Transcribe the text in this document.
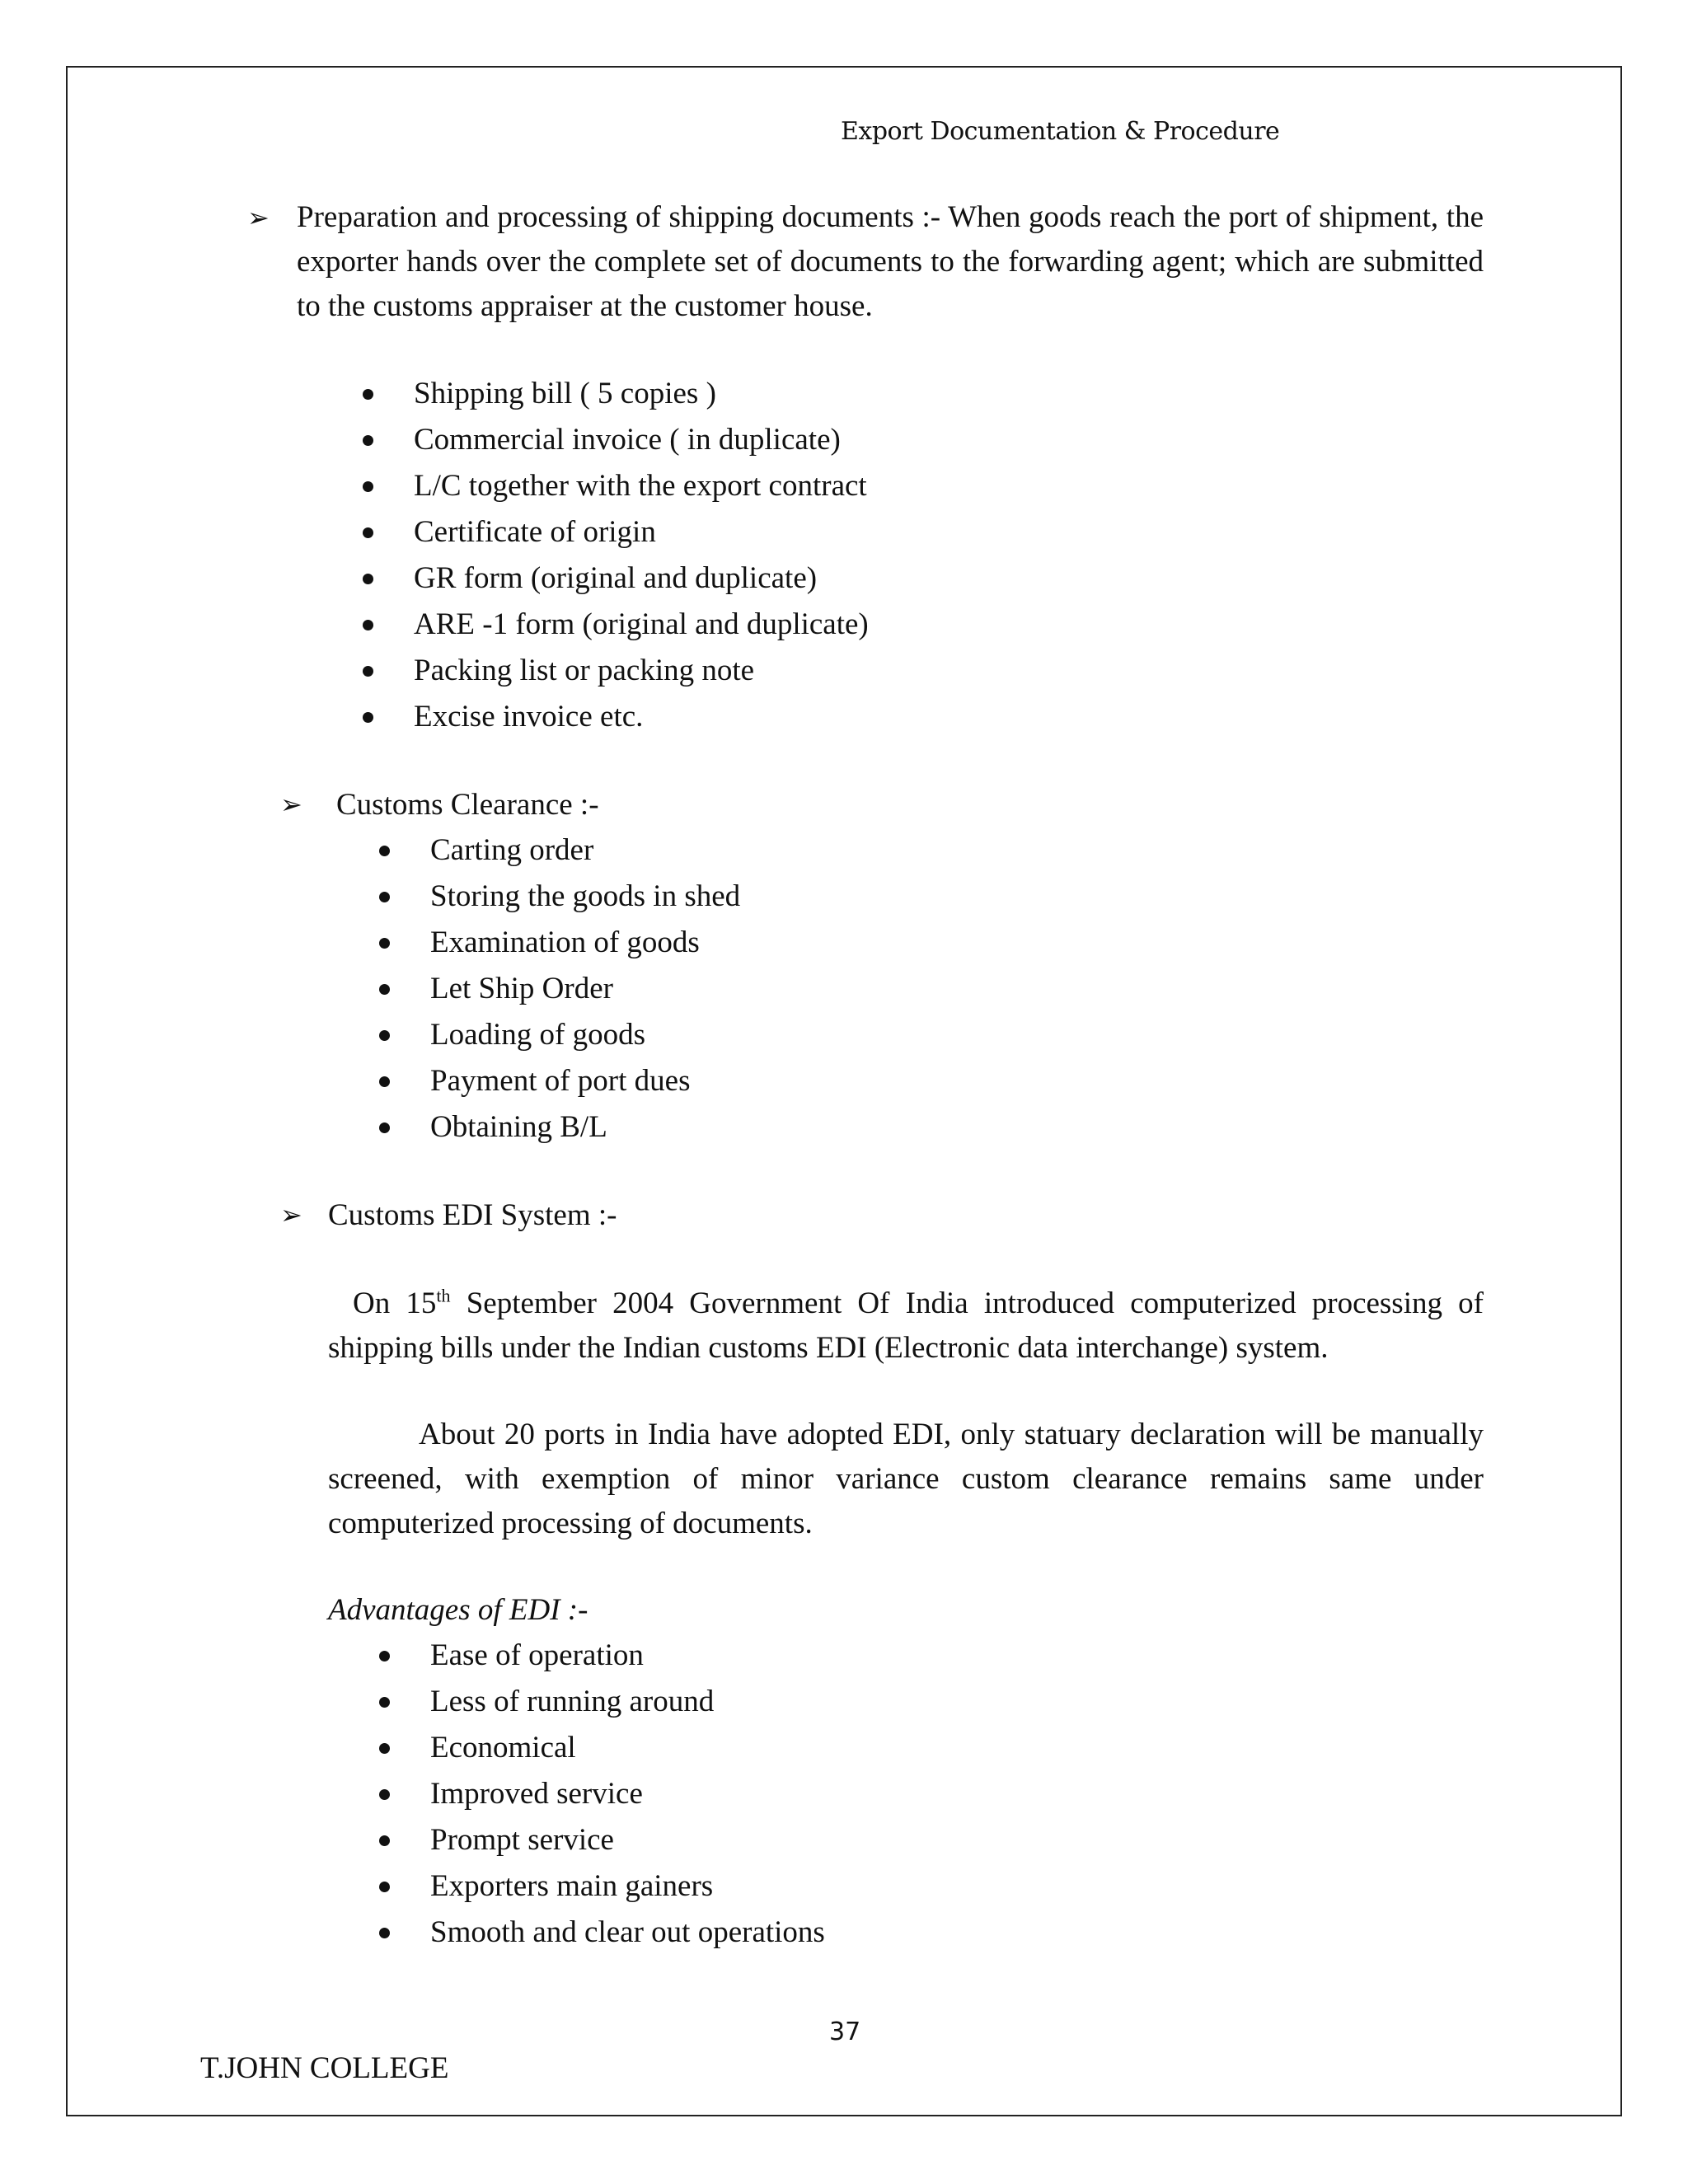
Export Documentation & Procedure
➢ Preparation and processing of shipping documents :- When goods reach the port of shipment, the exporter hands over the complete set of documents to the forwarding agent; which are submitted to the customs appraiser at the customer house.

Shipping bill ( 5 copies )
Commercial invoice ( in duplicate)
L/C together with the export contract
Certificate of origin
GR form (original and duplicate)
ARE -1 form (original and duplicate)
Packing list or packing note
Excise invoice etc.
➢ Customs Clearance :-
Carting order
Storing the goods in shed
Examination of goods
Let Ship Order
Loading of goods
Payment of port dues
Obtaining B/L
➢ Customs EDI System :-

On 15th September 2004 Government Of India introduced computerized processing of shipping bills under the Indian customs EDI (Electronic data interchange) system.

About 20 ports in India have adopted EDI, only statuary declaration will be manually screened, with exemption of minor variance custom clearance remains same under computerized processing of documents.

Advantages of EDI :-
Ease of operation
Less of running around
Economical
Improved service
Prompt service
Exporters main gainers
Smooth and clear out operations
37
T.JOHN COLLEGE
